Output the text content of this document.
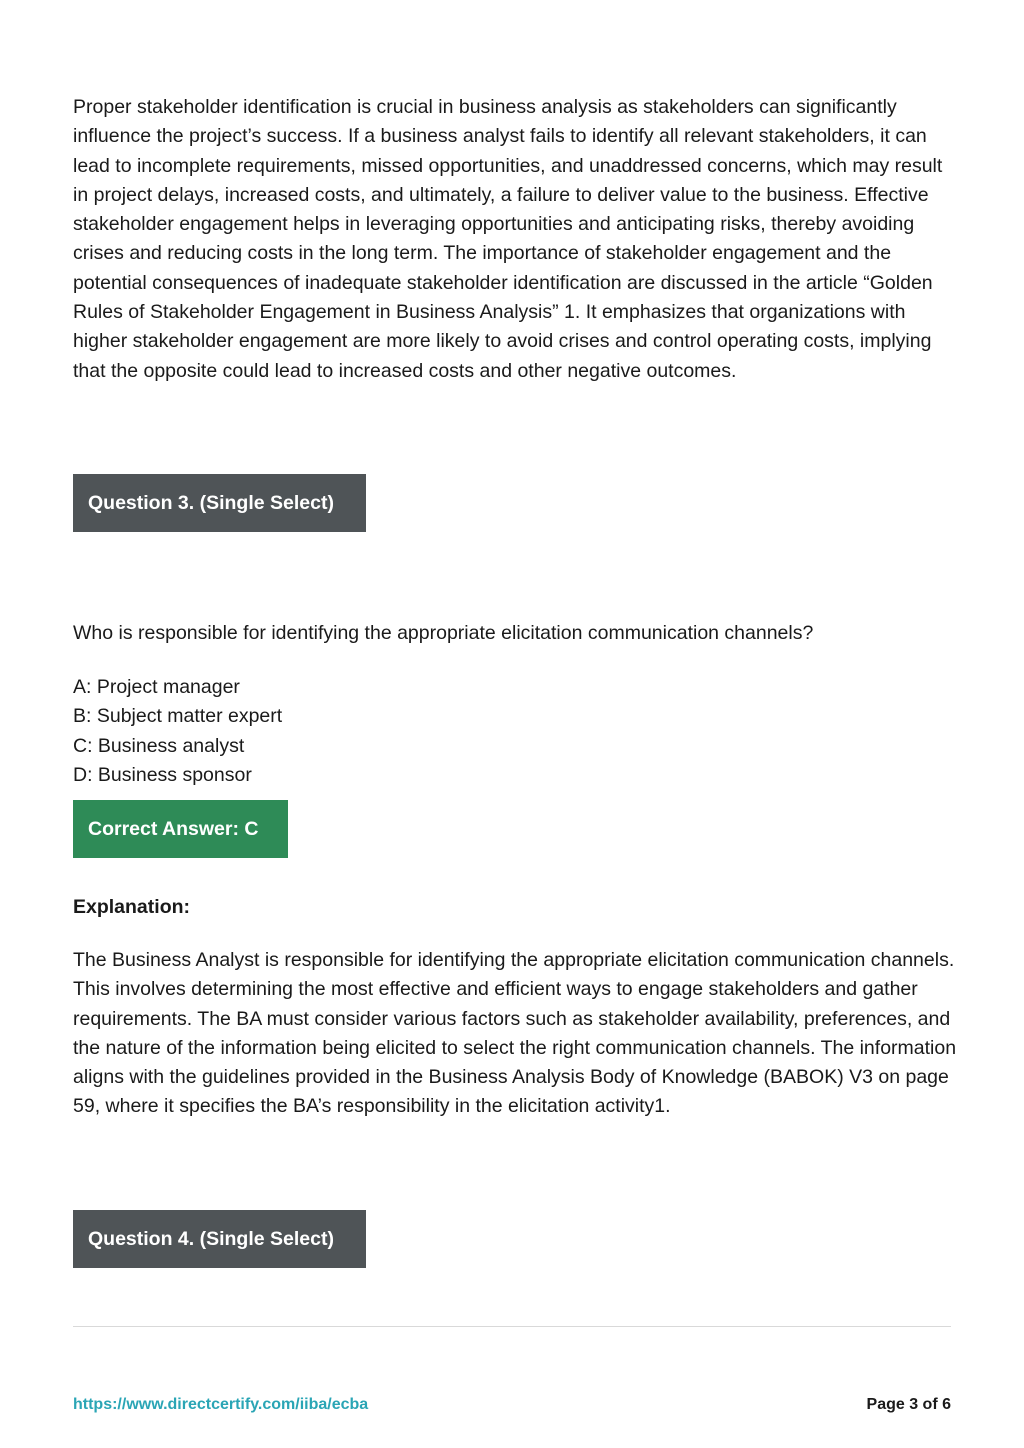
Proper stakeholder identification is crucial in business analysis as stakeholders can significantly influence the project’s success. If a business analyst fails to identify all relevant stakeholders, it can lead to incomplete requirements, missed opportunities, and unaddressed concerns, which may result in project delays, increased costs, and ultimately, a failure to deliver value to the business. Effective stakeholder engagement helps in leveraging opportunities and anticipating risks, thereby avoiding crises and reducing costs in the long term. The importance of stakeholder engagement and the potential consequences of inadequate stakeholder identification are discussed in the article “Golden Rules of Stakeholder Engagement in Business Analysis” 1. It emphasizes that organizations with higher stakeholder engagement are more likely to avoid crises and control operating costs, implying that the opposite could lead to increased costs and other negative outcomes.

Question 3. (Single Select)

Who is responsible for identifying the appropriate elicitation communication channels?

A: Project manager
B: Subject matter expert
C: Business analyst
D: Business sponsor
Correct Answer: C

Explanation:

The Business Analyst is responsible for identifying the appropriate elicitation communication channels. This involves determining the most effective and efficient ways to engage stakeholders and gather requirements. The BA must consider various factors such as stakeholder availability, preferences, and the nature of the information being elicited to select the right communication channels. The information aligns with the guidelines provided in the Business Analysis Body of Knowledge (BABOK) V3 on page 59, where it specifies the BA’s responsibility in the elicitation activity1.

Question 4. (Single Select)
https://www.directcertify.com/iiba/ecba	Page 3 of 6
